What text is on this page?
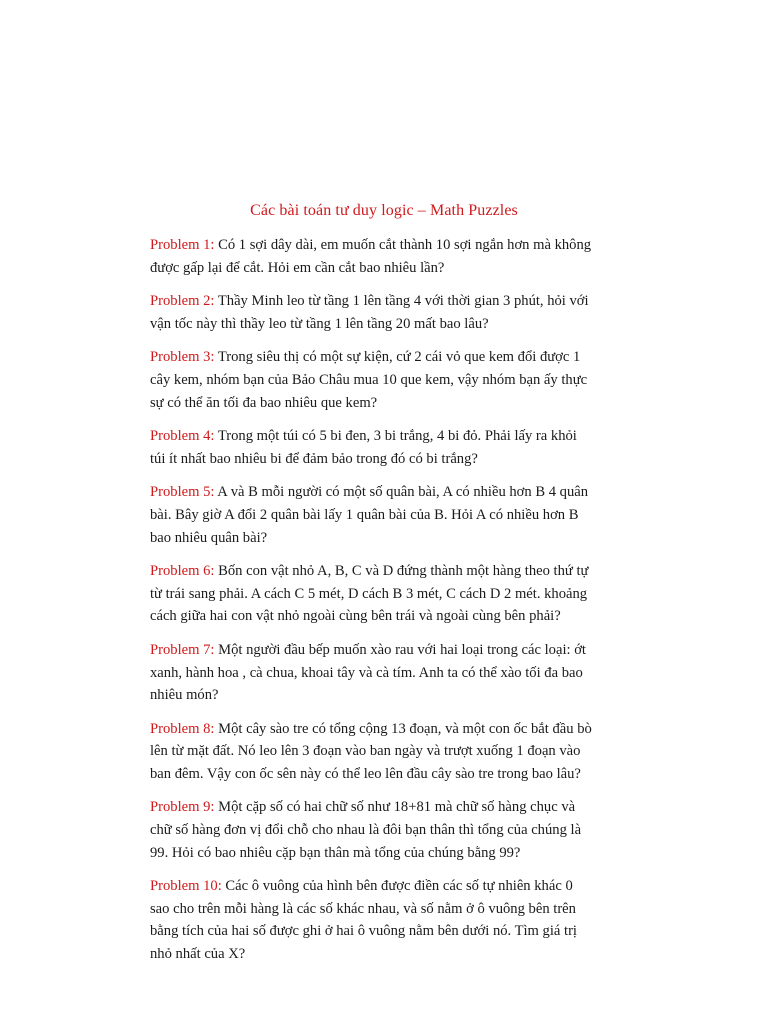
Các bài toán tư duy logic – Math Puzzles

Problem 1: Có 1 sợi dây dài, em muốn cắt thành 10 sợi ngắn hơn mà không được gấp lại để cắt. Hỏi em cần cắt bao nhiêu lần?

Problem 2: Thầy Minh leo từ tầng 1 lên tầng 4 với thời gian 3 phút, hỏi với vận tốc này thì thầy leo từ tầng 1 lên tầng 20 mất bao lâu?

Problem 3: Trong siêu thị có một sự kiện, cứ 2 cái vỏ que kem đổi được 1 cây kem, nhóm bạn của Bảo Châu mua 10 que kem, vậy nhóm bạn ấy thực sự có thể ăn tối đa bao nhiêu que kem?

Problem 4: Trong một túi có 5 bi đen, 3 bi trắng, 4 bi đỏ. Phải lấy ra khỏi túi ít nhất bao nhiêu bi để đảm bảo trong đó có bi trắng?

Problem 5: A và B mỗi người có một số quân bài, A có nhiều hơn B 4 quân bài. Bây giờ A đổi 2 quân bài lấy 1 quân bài của B. Hỏi A có nhiều hơn B bao nhiêu quân bài?

Problem 6: Bốn con vật nhỏ A, B, C và D đứng thành một hàng theo thứ tự từ trái sang phải. A cách C 5 mét, D cách B 3 mét, C cách D 2 mét. khoảng cách giữa hai con vật nhỏ ngoài cùng bên trái và ngoài cùng bên phải?

Problem 7: Một người đầu bếp muốn xào rau với hai loại trong các loại: ớt xanh, hành hoa , cà chua, khoai tây và cà tím. Anh ta có thể xào tối đa bao nhiêu món?

Problem 8: Một cây sào tre có tổng cộng 13 đoạn, và một con ốc bắt đầu bò lên từ mặt đất. Nó leo lên 3 đoạn vào ban ngày và trượt xuống 1 đoạn vào ban đêm. Vậy con ốc sên này có thể leo lên đầu cây sào tre trong bao lâu?

Problem 9: Một cặp số có hai chữ số như 18+81 mà chữ số hàng chục và chữ số hàng đơn vị đổi chỗ cho nhau là đôi bạn thân thì tổng của chúng là 99. Hỏi có bao nhiêu cặp bạn thân mà tổng của chúng bằng 99?

Problem 10: Các ô vuông của hình bên được điền các số tự nhiên khác 0 sao cho trên mỗi hàng là các số khác nhau, và số nằm ở ô vuông bên trên bằng tích của hai số được ghi ở hai ô vuông nằm bên dưới nó. Tìm giá trị nhỏ nhất của X?
